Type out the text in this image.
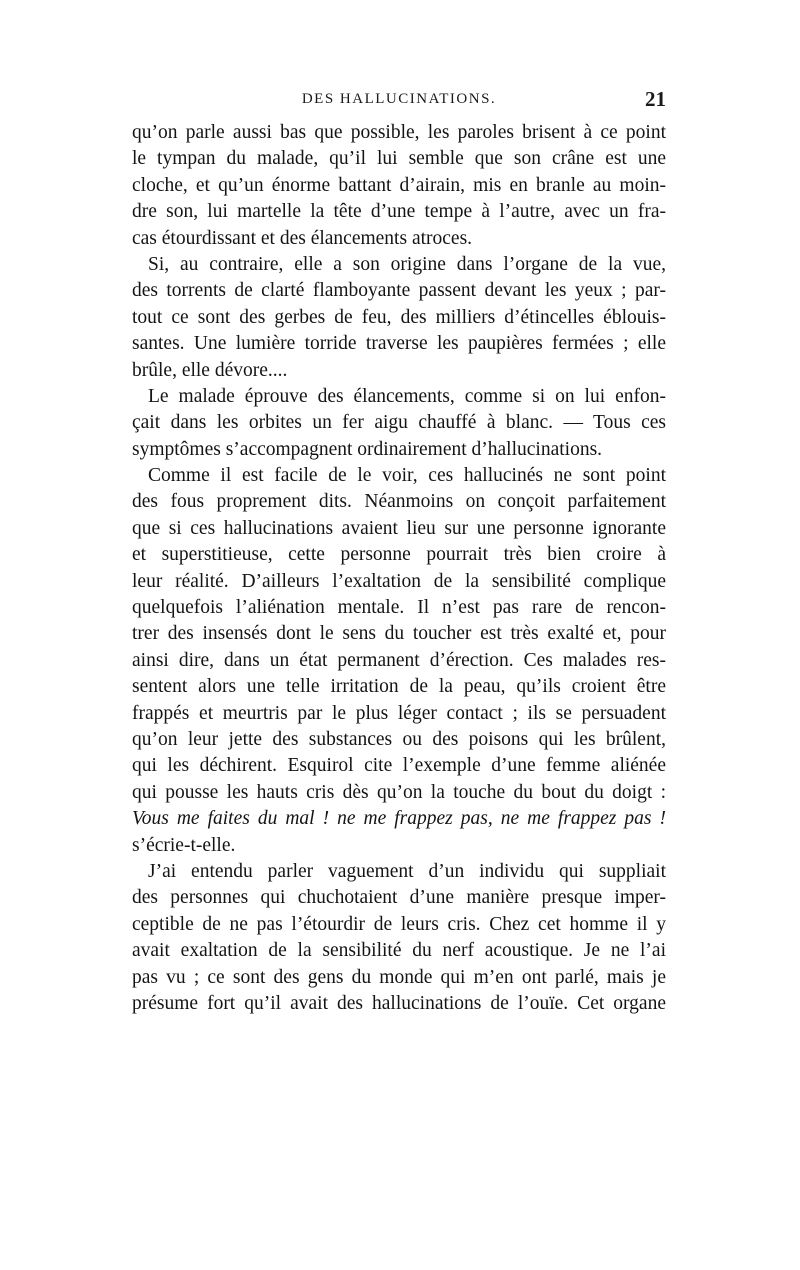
DES HALLUCINATIONS.	21
qu’on parle aussi bas que possible, les paroles brisent à ce point
le tympan du malade, qu’il lui semble que son crâne est une
cloche, et qu’un énorme battant d’airain, mis en branle au moin-
dre son, lui martelle la tête d’une tempe à l’autre, avec un fra-
cas étourdissant et des élancements atroces.
Si, au contraire, elle a son origine dans l’organe de la vue,
des torrents de clarté flamboyante passent devant les yeux ; par-
tout ce sont des gerbes de feu, des milliers d’étincelles éblouis-
santes. Une lumière torride traverse les paupières fermées ; elle
brûle, elle dévore....
Le malade éprouve des élancements, comme si on lui enfon-
çait dans les orbites un fer aigu chauffé à blanc. — Tous ces
symptômes s’accompagnent ordinairement d’hallucinations.
Comme il est facile de le voir, ces hallucinés ne sont point
des fous proprement dits. Néanmoins on conçoit parfaitement
que si ces hallucinations avaient lieu sur une personne ignorante
et superstitieuse, cette personne pourrait très bien croire à
leur réalité. D’ailleurs l’exaltation de la sensibilité complique
quelquefois l’aliénation mentale. Il n’est pas rare de rencon-
trer des insensés dont le sens du toucher est très exalté et, pour
ainsi dire, dans un état permanent d’érection. Ces malades res-
sentent alors une telle irritation de la peau, qu’ils croient être
frappés et meurtris par le plus léger contact ; ils se persuadent
qu’on leur jette des substances ou des poisons qui les brûlent,
qui les déchirent. Esquirol cite l’exemple d’une femme aliénée
qui pousse les hauts cris dès qu’on la touche du bout du doigt :
Vous me faites du mal ! ne me frappez pas, ne me frappez pas !
s’écrie-t-elle.
J’ai entendu parler vaguement d’un individu qui suppliait
des personnes qui chuchotaient d’une manière presque imper-
ceptible de ne pas l’étourdir de leurs cris. Chez cet homme il y
avait exaltation de la sensibilité du nerf acoustique. Je ne l’ai
pas vu ; ce sont des gens du monde qui m’en ont parlé, mais je
présume fort qu’il avait des hallucinations de l’ouïe. Cet organe
